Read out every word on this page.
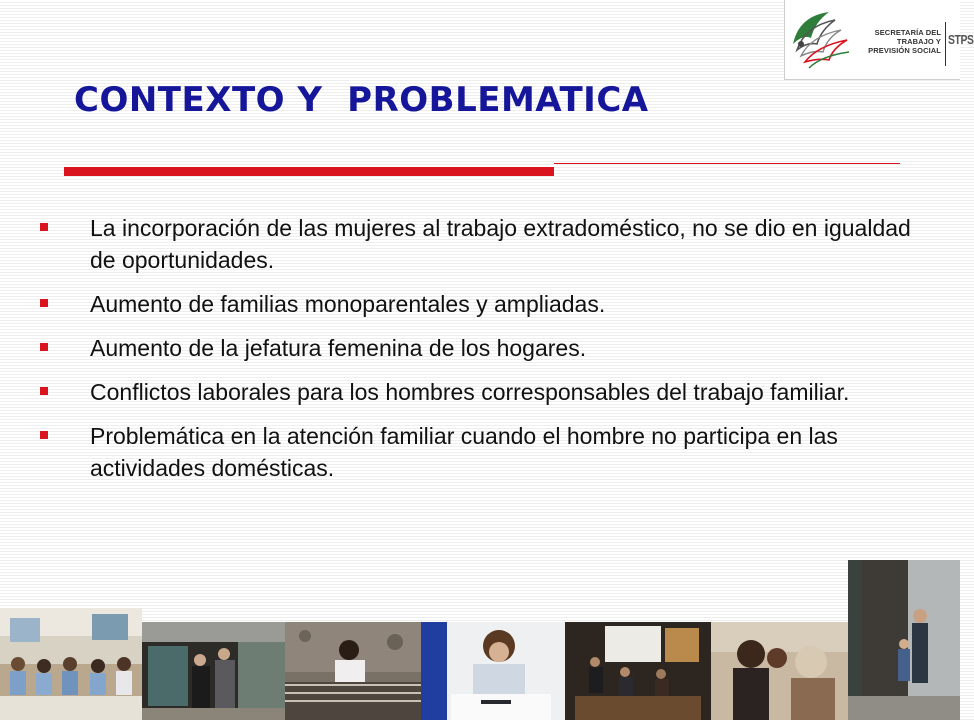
SECRETARÍA DEL
TRABAJO Y
PREVISIÓN SOCIAL
STPS
CONTEXTO Y  PROBLEMATICA
La incorporación de las mujeres al trabajo extradoméstico, no se dio en igualdad de oportunidades.
Aumento de familias monoparentales y ampliadas.
Aumento de la jefatura femenina de los hogares.
Conflictos laborales para los hombres corresponsables del trabajo familiar.
Problemática en la atención familiar cuando el hombre no participa en las actividades domésticas.
